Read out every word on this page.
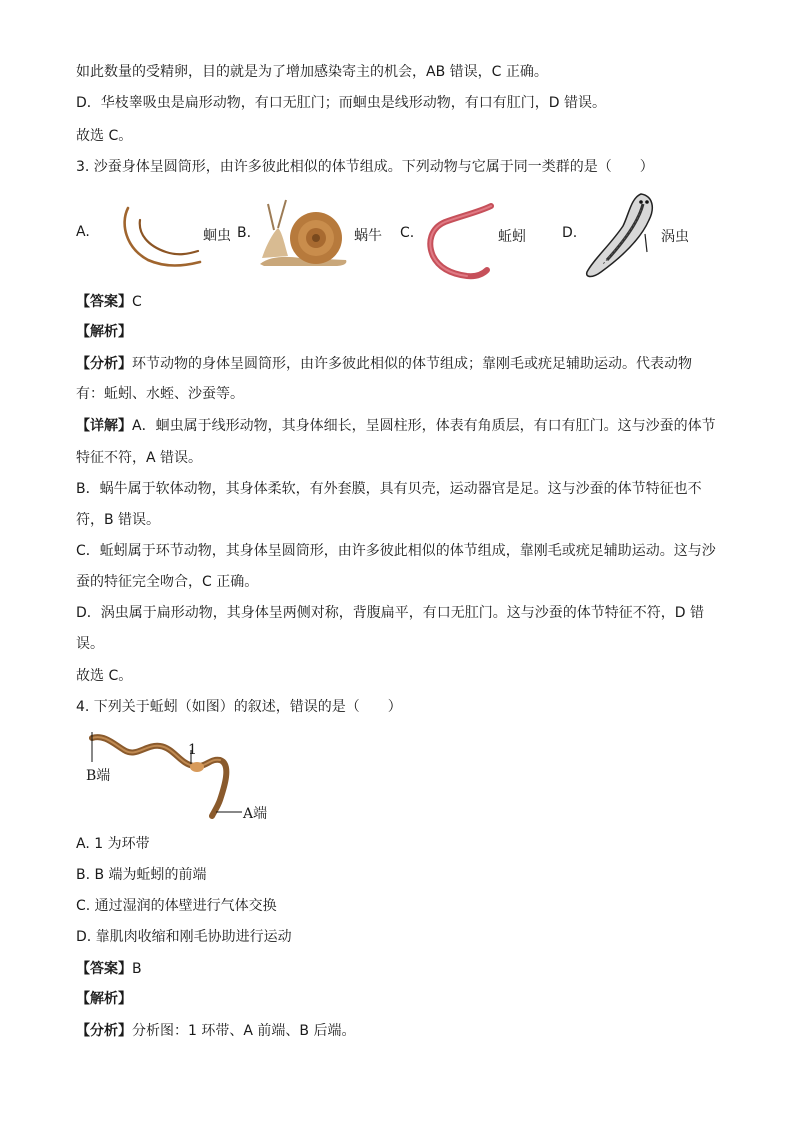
如此数量的受精卵，目的就是为了增加感染寄主的机会，AB 错误，C 正确。
D．华枝睾吸虫是扁形动物，有口无肛门；而蛔虫是线形动物，有口有肛门，D 错误。
故选 C。
3. 沙蚕身体呈圆筒形，由许多彼此相似的体节组成。下列动物与它属于同一类群的是（　　）
A.	蛔虫 B.	蜗牛 C.	蚯蚓	D.	涡虫
【答案】C
【解析】
【分析】环节动物的身体呈圆筒形，由许多彼此相似的体节组成；靠刚毛或疣足辅助运动。代表动物
有：蚯蚓、水蛭、沙蚕等。
【详解】A．蛔虫属于线形动物，其身体细长，呈圆柱形，体表有角质层，有口有肛门。这与沙蚕的体节
特征不符，A 错误。
B．蜗牛属于软体动物，其身体柔软，有外套膜，具有贝壳，运动器官是足。这与沙蚕的体节特征也不
符，B 错误。
C．蚯蚓属于环节动物，其身体呈圆筒形，由许多彼此相似的体节组成，靠刚毛或疣足辅助运动。这与沙
蚕的特征完全吻合，C 正确。
D．涡虫属于扁形动物，其身体呈两侧对称，背腹扁平，有口无肛门。这与沙蚕的体节特征不符，D 错
误。
故选 C。
4. 下列关于蚯蚓（如图）的叙述，错误的是（　　）
1
B端
A端
A. 1 为环带
B. B 端为蚯蚓的前端
C. 通过湿润的体壁进行气体交换
D. 靠肌肉收缩和刚毛协助进行运动
【答案】B
【解析】
【分析】分析图：1 环带、A 前端、B 后端。
